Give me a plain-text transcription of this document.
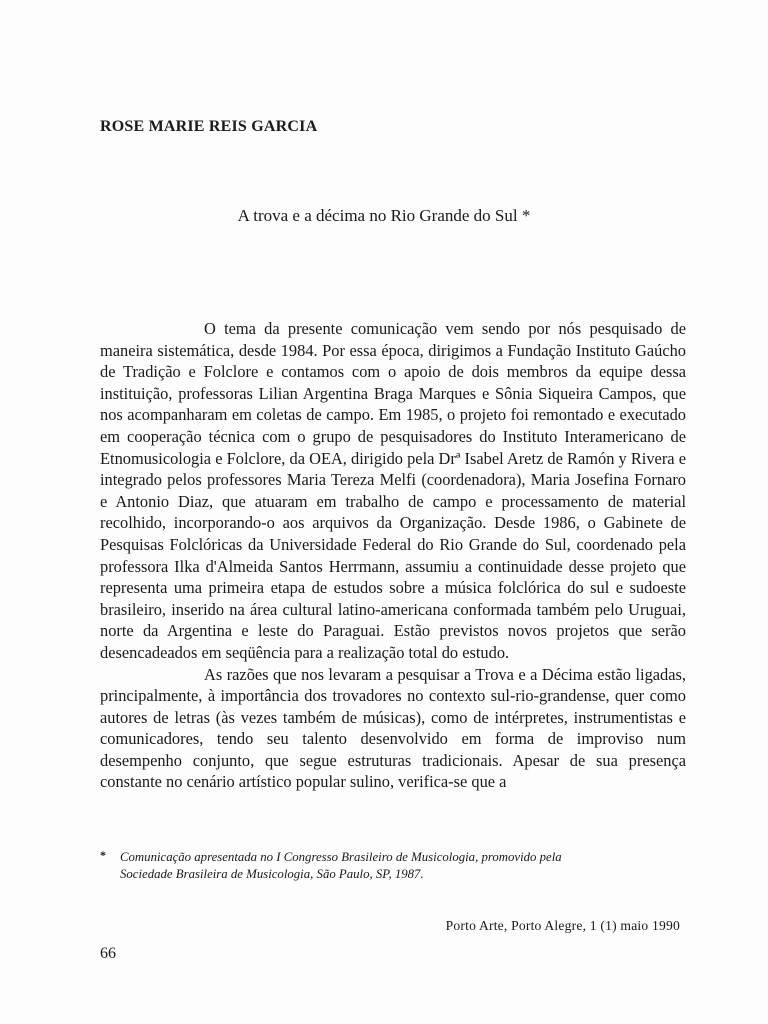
ROSE MARIE REIS GARCIA
A trova e a décima no Rio Grande do Sul *

O tema da presente comunicação vem sendo por nós pesquisado de maneira sistemática, desde 1984. Por essa época, dirigimos a Fundação Instituto Gaúcho de Tradição e Folclore e contamos com o apoio de dois membros da equipe dessa instituição, professoras Lilian Argentina Braga Marques e Sônia Siqueira Campos, que nos acompanharam em coletas de campo. Em 1985, o projeto foi remontado e executado em cooperação técnica com o grupo de pesquisadores do Instituto Interamericano de Etnomusicologia e Folclore, da OEA, dirigido pela Drª Isabel Aretz de Ramón y Rivera e integrado pelos professores Maria Tereza Melfi (coordenadora), Maria Josefina Fornaro e Antonio Diaz, que atuaram em trabalho de campo e processamento de material recolhido, incorporando-o aos arquivos da Organização. Desde 1986, o Gabinete de Pesquisas Folclóricas da Universidade Federal do Rio Grande do Sul, coordenado pela professora Ilka d'Almeida Santos Herrmann, assumiu a continuidade desse projeto que representa uma primeira etapa de estudos sobre a música folclórica do sul e sudoeste brasileiro, inserido na área cultural latino-americana conformada também pelo Uruguai, norte da Argentina e leste do Paraguai. Estão previstos novos projetos que serão desencadeados em seqüência para a realização total do estudo.

As razões que nos levaram a pesquisar a Trova e a Décima estão ligadas, principalmente, à importância dos trovadores no contexto sul-rio-grandense, quer como autores de letras (às vezes também de músicas), como de intérpretes, instrumentistas e comunicadores, tendo seu talento desenvolvido em forma de improviso num desempenho conjunto, que segue estruturas tradicionais. Apesar de sua presença constante no cenário artístico popular sulino, verifica-se que a

* Comunicação apresentada no I Congresso Brasileiro de Musicologia, promovido pela
Sociedade Brasileira de Musicologia, São Paulo, SP, 1987.
Porto Arte, Porto Alegre, 1 (1) maio 1990
66
